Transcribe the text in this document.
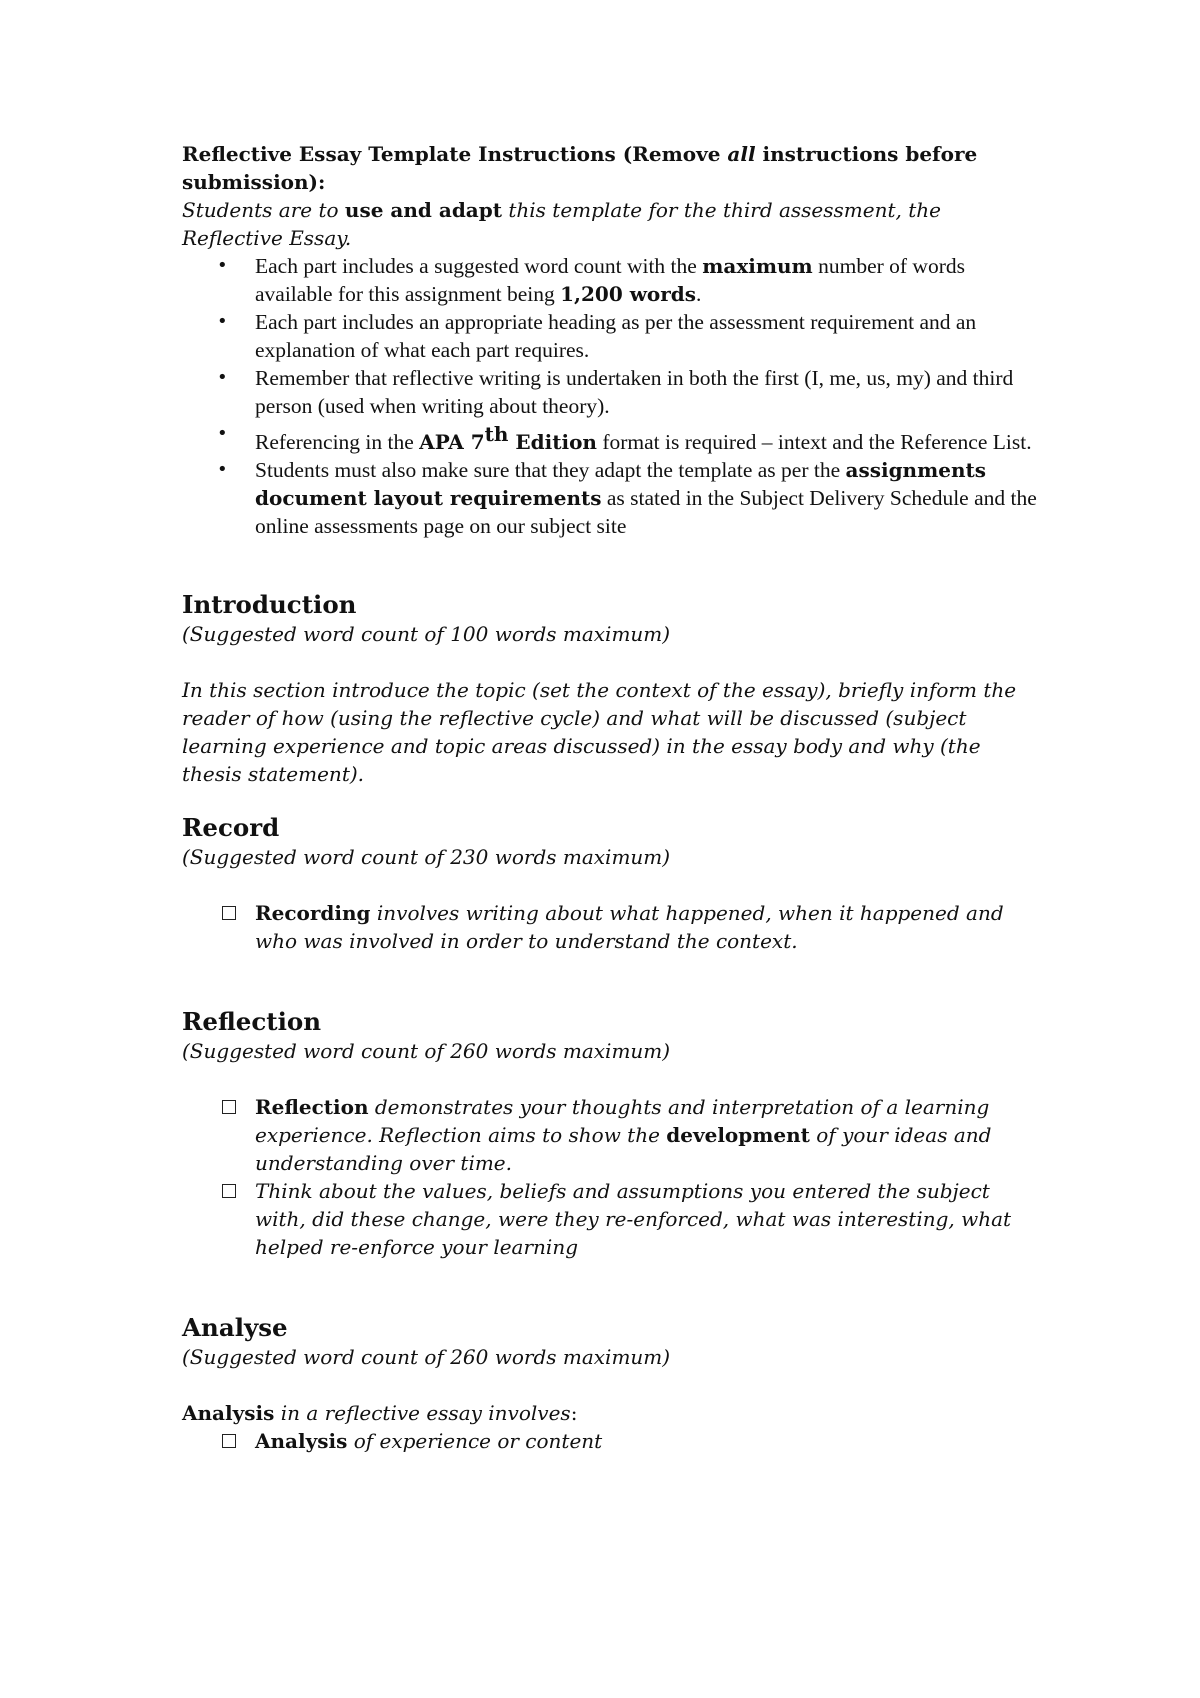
Reflective Essay Template Instructions (Remove all instructions before submission):

Students are to use and adapt this template for the third assessment, the Reflective Essay.

• Each part includes a suggested word count with the maximum number of words available for this assignment being 1,200 words.
• Each part includes an appropriate heading as per the assessment requirement and an explanation of what each part requires.
• Remember that reflective writing is undertaken in both the first (I, me, us, my) and third person (used when writing about theory).
• Referencing in the APA 7th Edition format is required – intext and the Reference List.
• Students must also make sure that they adapt the template as per the assignments document layout requirements as stated in the Subject Delivery Schedule and the online assessments page on our subject site
Introduction

(Suggested word count of 100 words maximum)

In this section introduce the topic (set the context of the essay), briefly inform the reader of how (using the reflective cycle) and what will be discussed (subject learning experience and topic areas discussed) in the essay body and why (the thesis statement).

Record

(Suggested word count of 230 words maximum)

Recording involves writing about what happened, when it happened and who was involved in order to understand the context.
Reflection

(Suggested word count of 260 words maximum)

Reflection demonstrates your thoughts and interpretation of a learning experience. Reflection aims to show the development of your ideas and understanding over time.
Think about the values, beliefs and assumptions you entered the subject with, did these change, were they re-enforced, what was interesting, what helped re-enforce your learning
Analyse

(Suggested word count of 260 words maximum)

Analysis in a reflective essay involves:

Analysis of experience or content
